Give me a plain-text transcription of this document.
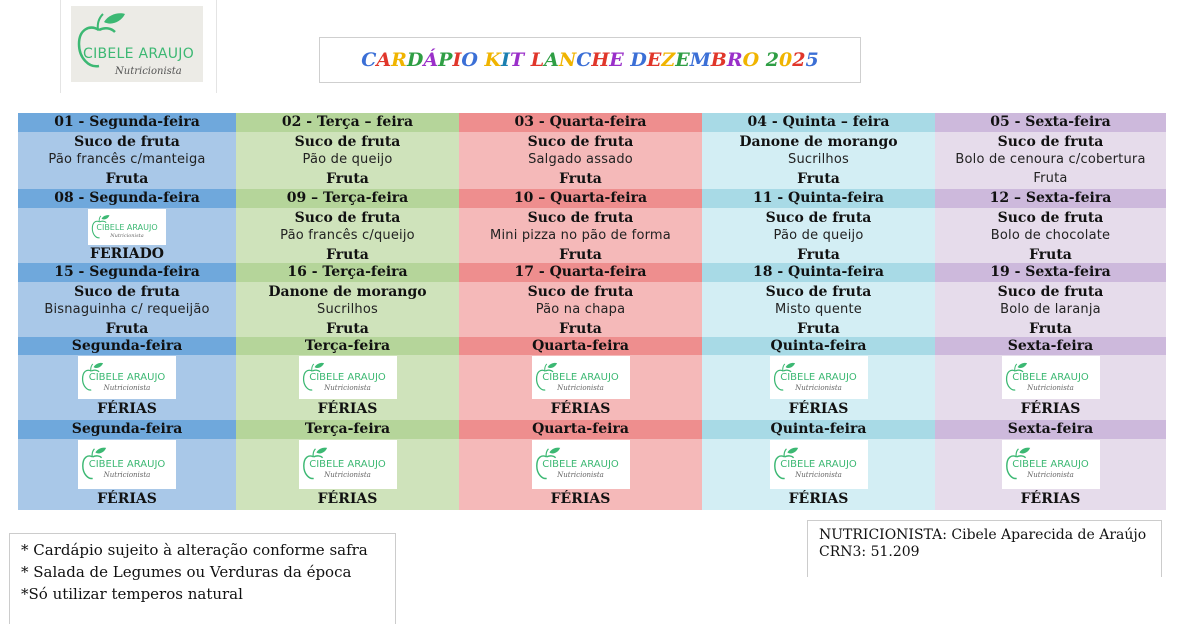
CIBELE ARAUJO
Nutricionista
CARDÁPIO KIT LANCHE DEZEMBRO 2025
01 - Segunda-feira
Suco de fruta
Pão francês c/manteiga
Fruta
08 - Segunda-feira
CIBELE ARAUJO
Nutricionista
FERIADO
15 - Segunda-feira
Suco de fruta
Bisnaguinha c/ requeijão
Fruta
Segunda-feira
CIBELE ARAUJO
Nutricionista
FÉRIAS
Segunda-feira
CIBELE ARAUJO
Nutricionista
FÉRIAS
02 - Terça – feira
Suco de fruta
Pão de queijo
Fruta
09 – Terça-feira
Suco de fruta
Pão francês c/queijo
Fruta
16 - Terça-feira
Danone de morango
Sucrilhos
Fruta
Terça-feira
CIBELE ARAUJO
Nutricionista
FÉRIAS
Terça-feira
CIBELE ARAUJO
Nutricionista
FÉRIAS
03 - Quarta-feira
Suco de fruta
Salgado assado
Fruta
10 – Quarta-feira
Suco de fruta
Mini pizza no pão de forma
Fruta
17 - Quarta-feira
Suco de fruta
Pão na chapa
Fruta
Quarta-feira
CIBELE ARAUJO
Nutricionista
FÉRIAS
Quarta-feira
CIBELE ARAUJO
Nutricionista
FÉRIAS
04 - Quinta – feira
Danone de morango
Sucrilhos
Fruta
11 - Quinta-feira
Suco de fruta
Pão de queijo
Fruta
18 - Quinta-feira
Suco de fruta
Misto quente
Fruta
Quinta-feira
CIBELE ARAUJO
Nutricionista
FÉRIAS
Quinta-feira
CIBELE ARAUJO
Nutricionista
FÉRIAS
05 - Sexta-feira
Suco de fruta
Bolo de cenoura c/cobertura
Fruta
12 – Sexta-feira
Suco de fruta
Bolo de chocolate
Fruta
19 - Sexta-feira
Suco de fruta
Bolo de laranja
Fruta
Sexta-feira
CIBELE ARAUJO
Nutricionista
FÉRIAS
Sexta-feira
CIBELE ARAUJO
Nutricionista
FÉRIAS
* Cardápio sujeito à alteração conforme safra
* Salada de Legumes ou Verduras da época
*Só utilizar temperos natural
NUTRICIONISTA: Cibele Aparecida de Araújo
CRN3: 51.209
